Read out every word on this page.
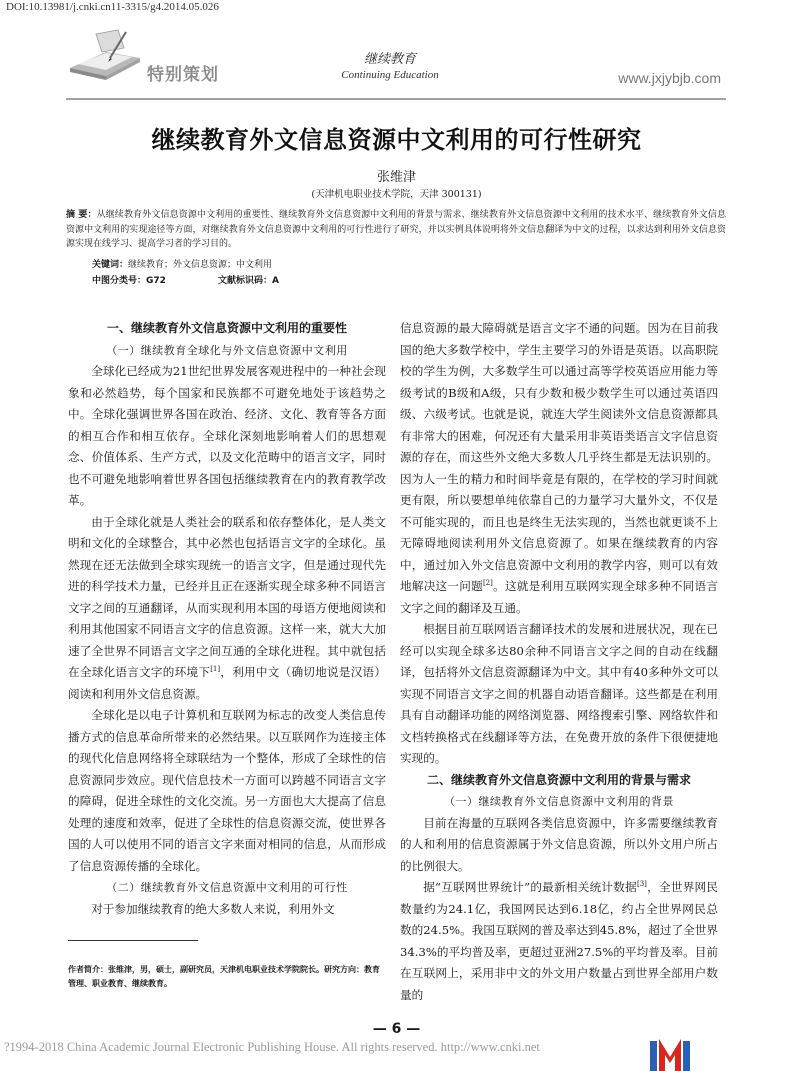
DOI:10.13981/j.cnki.cn11-3315/g4.2014.05.026
特别策划
继续教育
Continuing Education	www.jxjybjb.com
继续教育外文信息资源中文利用的可行性研究
张维津
(天津机电职业技术学院，天津 300131)
摘 要：从继续教育外文信息资源中文利用的重要性、继续教育外文信息资源中文利用的背景与需求、继续教育外文信息资源中文利用的技术水平、继续教育外文信息资源中文利用的实现途径等方面，对继续教育外文信息资源中文利用的可行性进行了研究，并以实例具体说明将外文信息翻译为中文的过程，以求达到利用外文信息资源实现在线学习、提高学习者的学习目的。
关键词：继续教育；外文信息资源；中文利用
中图分类号：G72	文献标识码：A
一、继续教育外文信息资源中文利用的重要性
（一）继续教育全球化与外文信息资源中文利用

全球化已经成为21世纪世界发展客观进程中的一种社会现象和必然趋势，每个国家和民族都不可避免地处于该趋势之中。全球化强调世界各国在政治、经济、文化、教育等各方面的相互合作和相互依存。全球化深刻地影响着人们的思想观念、价值体系、生产方式，以及文化范畴中的语言文字，同时也不可避免地影响着世界各国包括继续教育在内的教育教学改革。

由于全球化就是人类社会的联系和依存整体化，是人类文明和文化的全球整合，其中必然也包括语言文字的全球化。虽然现在还无法做到全球实现统一的语言文字，但是通过现代先进的科学技术力量，已经并且正在逐渐实现全球多种不同语言文字之间的互通翻译，从而实现利用本国的母语方便地阅读和利用其他国家不同语言文字的信息资源。这样一来，就大大加速了全世界不同语言文字之间互通的全球化进程。其中就包括在全球化语言文字的环境下[1]，利用中文（确切地说是汉语）阅读和利用外文信息资源。

全球化是以电子计算机和互联网为标志的改变人类信息传播方式的信息革命所带来的必然结果。以互联网作为连接主体的现代化信息网络将全球联结为一个整体，形成了全球性的信息资源同步效应。现代信息技术一方面可以跨越不同语言文字的障碍，促进全球性的文化交流。另一方面也大大提高了信息处理的速度和效率，促进了全球性的信息资源交流，使世界各国的人可以使用不同的语言文字来面对相同的信息，从而形成了信息资源传播的全球化。

（二）继续教育外文信息资源中文利用的可行性

对于参加继续教育的绝大多数人来说，利用外文

信息资源的最大障碍就是语言文字不通的问题。因为在目前我国的绝大多数学校中，学生主要学习的外语是英语。以高职院校的学生为例，大多数学生可以通过高等学校英语应用能力等级考试的B级和A级，只有少数和极少数学生可以通过英语四级、六级考试。也就是说，就连大学生阅读外文信息资源都具有非常大的困难，何况还有大量采用非英语类语言文字信息资源的存在，而这些外文绝大多数人几乎终生都是无法识别的。因为人一生的精力和时间毕竟是有限的，在学校的学习时间就更有限，所以要想单纯依靠自己的力量学习大量外文，不仅是不可能实现的，而且也是终生无法实现的，当然也就更谈不上无障碍地阅读利用外文信息资源了。如果在继续教育的内容中，通过加入外文信息资源中文利用的教学内容，则可以有效地解决这一问题[2]。这就是利用互联网实现全球多种不同语言文字之间的翻译及互通。

根据目前互联网语言翻译技术的发展和进展状况，现在已经可以实现全球多达80余种不同语言文字之间的自动在线翻译，包括将外文信息资源翻译为中文。其中有40多种外文可以实现不同语言文字之间的机器自动语音翻译。这些都是在利用具有自动翻译功能的网络浏览器、网络搜索引擎、网络软件和文档转换格式在线翻译等方法，在免费开放的条件下很便捷地实现的。

二、继续教育外文信息资源中文利用的背景与需求
（一）继续教育外文信息资源中文利用的背景

目前在海量的互联网各类信息资源中，许多需要继续教育的人和利用的信息资源属于外文信息资源，所以外文用户所占的比例很大。

据“互联网世界统计”的最新相关统计数据[3]，全世界网民数量约为24.1亿，我国网民达到6.18亿，约占全世界网民总数的24.5%。我国互联网的普及率达到45.8%，超过了全世界34.3%的平均普及率，更超过亚洲27.5%的平均普及率。目前在互联网上，采用非中文的外文用户数量占到世界全部用户数量的

作者简介：张维津，男，硕士，副研究员，天津机电职业技术学院院长。研究方向：教育管理、职业教育、继续教育。
— 6 —
?1994-2018 China Academic Journal Electronic Publishing House. All rights reserved. http://www.cnki.net
